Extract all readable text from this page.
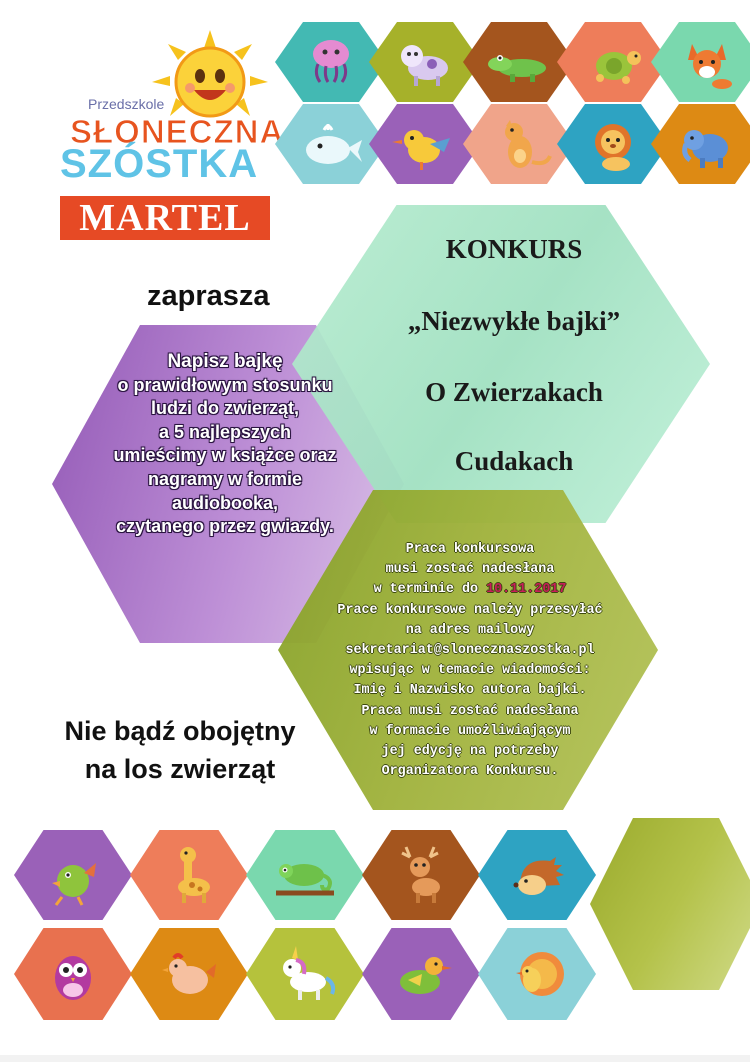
Przedszkole
SŁONECZNA
SZÓSTKA
MARTEL
zaprasza
KONKURS
„Niezwykłe bajki”
O Zwierzakach
Cudakach
Napisz bajkę
o prawidłowym stosunku
ludzi do zwierząt,
a 5 najlepszych
umieścimy w książce oraz
nagramy w formie
audiobooka,
czytanego przez gwiazdy.
Praca konkursowa
musi zostać nadesłana
w terminie do 10.11.2017
Prace konkursowe należy przesyłać
na adres mailowy
sekretariat@slonecznaszostka.pl
wpisując w temacie wiadomości:
Imię i Nazwisko autora bajki.
Praca musi zostać nadesłana
w formacie umożliwiającym
jej edycję na potrzeby
Organizatora Konkursu.
Nie bądź obojętny
na los zwierząt
